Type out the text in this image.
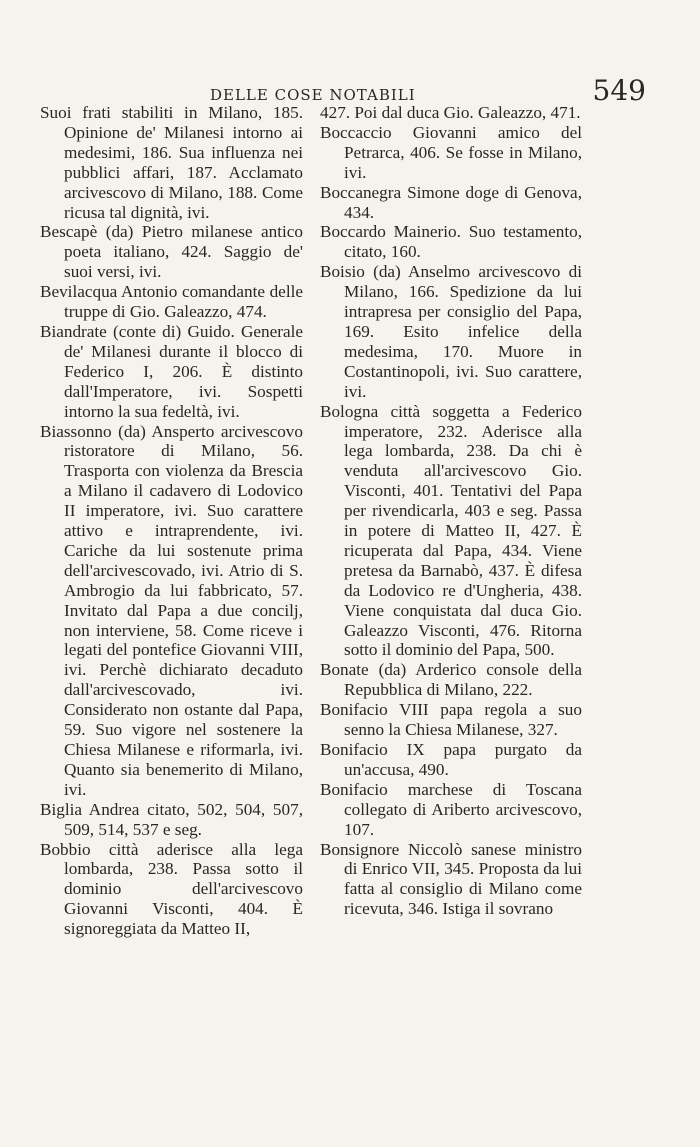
DELLE COSE NOTABILI	549

Suoi frati stabiliti in Milano, 185. Opinione de' Milanesi intorno ai medesimi, 186. Sua influenza nei pubblici affari, 187. Acclamato arcivescovo di Milano, 188. Come ricusa tal dignità, ivi.

Bescapè (da) Pietro milanese antico poeta italiano, 424. Saggio de' suoi versi, ivi.

Bevilacqua Antonio comandante delle truppe di Gio. Galeazzo, 474.

Biandrate (conte di) Guido. Generale de' Milanesi durante il blocco di Federico I, 206. È distinto dall'Imperatore, ivi. Sospetti intorno la sua fedeltà, ivi.

Biassonno (da) Ansperto arcivescovo ristoratore di Milano, 56. Trasporta con violenza da Brescia a Milano il cadavero di Lodovico II imperatore, ivi. Suo carattere attivo e intraprendente, ivi. Cariche da lui sostenute prima dell'arcivescovado, ivi. Atrio di S. Ambrogio da lui fabbricato, 57. Invitato dal Papa a due concilj, non interviene, 58. Come riceve i legati del pontefice Giovanni VIII, ivi. Perchè dichiarato decaduto dall'arcivescovado, ivi. Considerato non ostante dal Papa, 59. Suo vigore nel sostenere la Chiesa Milanese e riformarla, ivi. Quanto sia benemerito di Milano, ivi.

Biglia Andrea citato, 502, 504, 507, 509, 514, 537 e seg.

Bobbio città aderisce alla lega lombarda, 238. Passa sotto il dominio dell'arcivescovo Giovanni Visconti, 404. È signoreggiata da Matteo II,

427. Poi dal duca Gio. Galeazzo, 471.

Boccaccio Giovanni amico del Petrarca, 406. Se fosse in Milano, ivi.

Boccanegra Simone doge di Genova, 434.

Boccardo Mainerio. Suo testamento, citato, 160.

Boisio (da) Anselmo arcivescovo di Milano, 166. Spedizione da lui intrapresa per consiglio del Papa, 169. Esito infelice della medesima, 170. Muore in Costantinopoli, ivi. Suo carattere, ivi.

Bologna città soggetta a Federico imperatore, 232. Aderisce alla lega lombarda, 238. Da chi è venduta all'arcivescovo Gio. Visconti, 401. Tentativi del Papa per rivendicarla, 403 e seg. Passa in potere di Matteo II, 427. È ricuperata dal Papa, 434. Viene pretesa da Barnabò, 437. È difesa da Lodovico re d'Ungheria, 438. Viene conquistata dal duca Gio. Galeazzo Visconti, 476. Ritorna sotto il dominio del Papa, 500.

Bonate (da) Arderico console della Repubblica di Milano, 222.

Bonifacio VIII papa regola a suo senno la Chiesa Milanese, 327.

Bonifacio IX papa purgato da un'accusa, 490.

Bonifacio marchese di Toscana collegato di Ariberto arcivescovo, 107.

Bonsignore Niccolò sanese ministro di Enrico VII, 345. Proposta da lui fatta al consiglio di Milano come ricevuta, 346. Istiga il sovrano
